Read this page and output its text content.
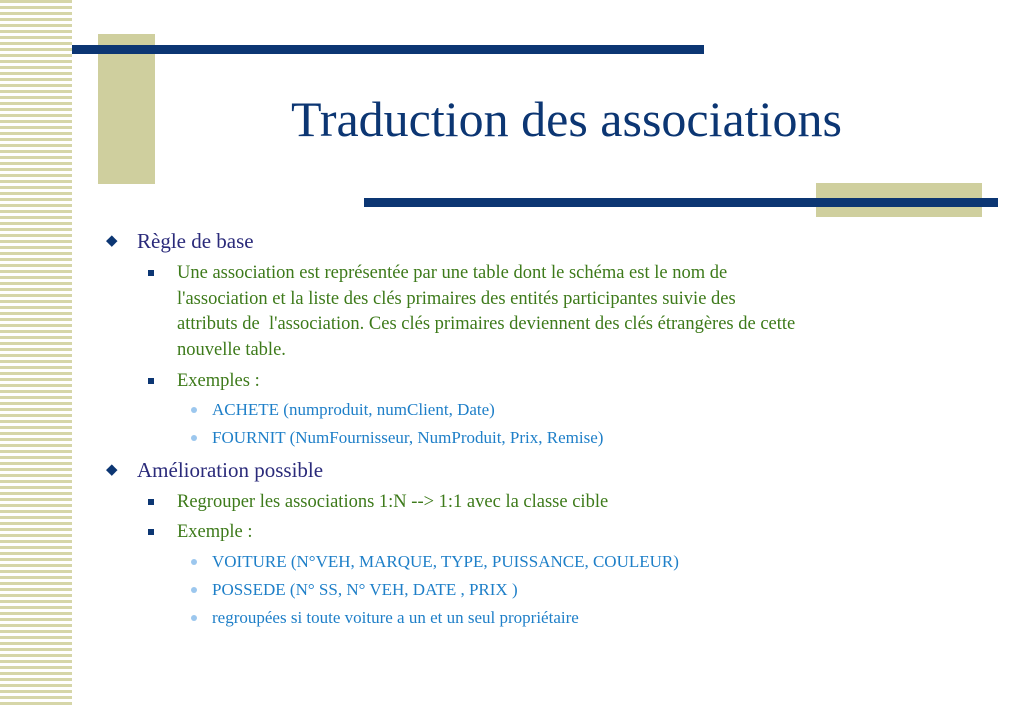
Traduction des associations
◆ Règle de base
Une association est représentée par une table dont le schéma est le nom de
l'association et la liste des clés primaires des entités participantes suivie des
attributs de  l'association. Ces clés primaires deviennent des clés étrangères de cette
nouvelle table.
Exemples :
ACHETE (numproduit, numClient, Date)
FOURNIT (NumFournisseur, NumProduit, Prix, Remise)
◆ Amélioration possible
Regrouper les associations 1:N --> 1:1 avec la classe cible
Exemple :
VOITURE (N°VEH, MARQUE, TYPE, PUISSANCE, COULEUR)
POSSEDE (N° SS, N° VEH, DATE , PRIX )
regroupées si toute voiture a un et un seul propriétaire
